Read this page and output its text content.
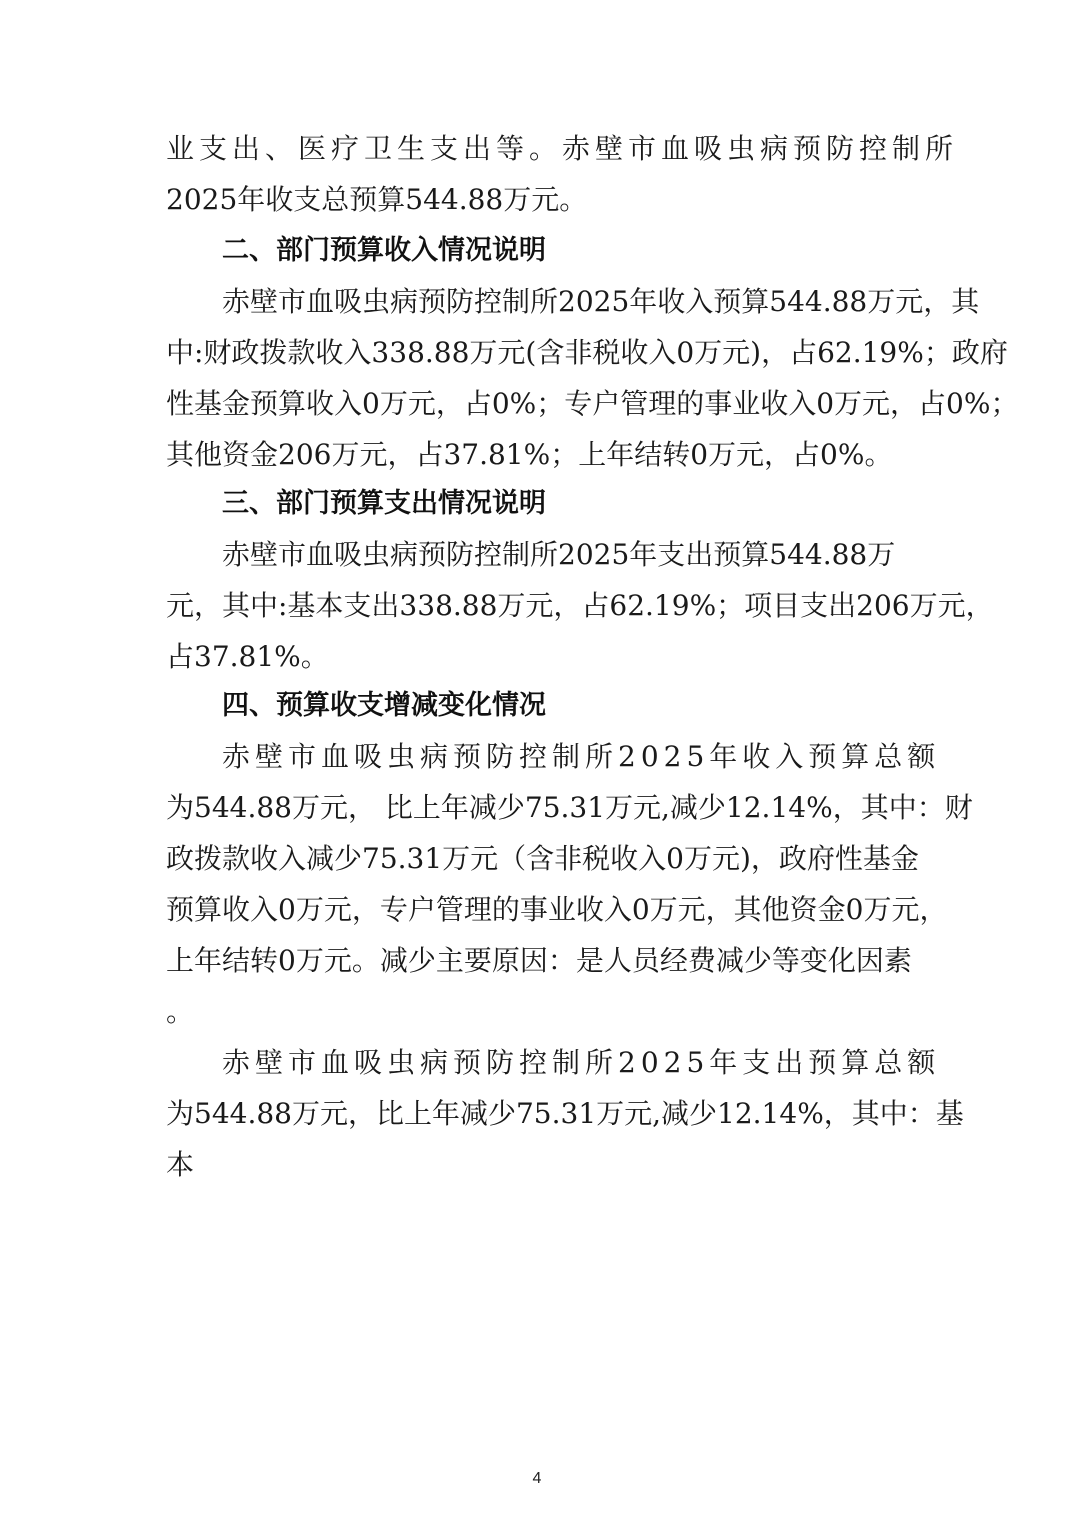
业支出、医疗卫生支出等。赤壁市血吸虫病预防控制所
2025年收支总预算544.88万元。
二、部门预算收入情况说明
赤壁市血吸虫病预防控制所2025年收入预算544.88万元，其
中:财政拨款收入338.88万元(含非税收入0万元)，占62.19%；政府
性基金预算收入0万元，占0%；专户管理的事业收入0万元，占0%；
其他资金206万元，占37.81%；上年结转0万元，占0%。
三、部门预算支出情况说明
赤壁市血吸虫病预防控制所2025年支出预算544.88万
元，其中:基本支出338.88万元，占62.19%；项目支出206万元，
占37.81%。
四、预算收支增减变化情况
赤壁市血吸虫病预防控制所2025年收入预算总额
为544.88万元， 比上年减少75.31万元,减少12.14%，其中：财
政拨款收入减少75.31万元（含非税收入0万元)，政府性基金
预算收入0万元，专户管理的事业收入0万元，其他资金0万元，
上年结转0万元。减少主要原因：是人员经费减少等变化因素
。
赤壁市血吸虫病预防控制所2025年支出预算总额
为544.88万元，比上年减少75.31万元,减少12.14%，其中：基
本
4
